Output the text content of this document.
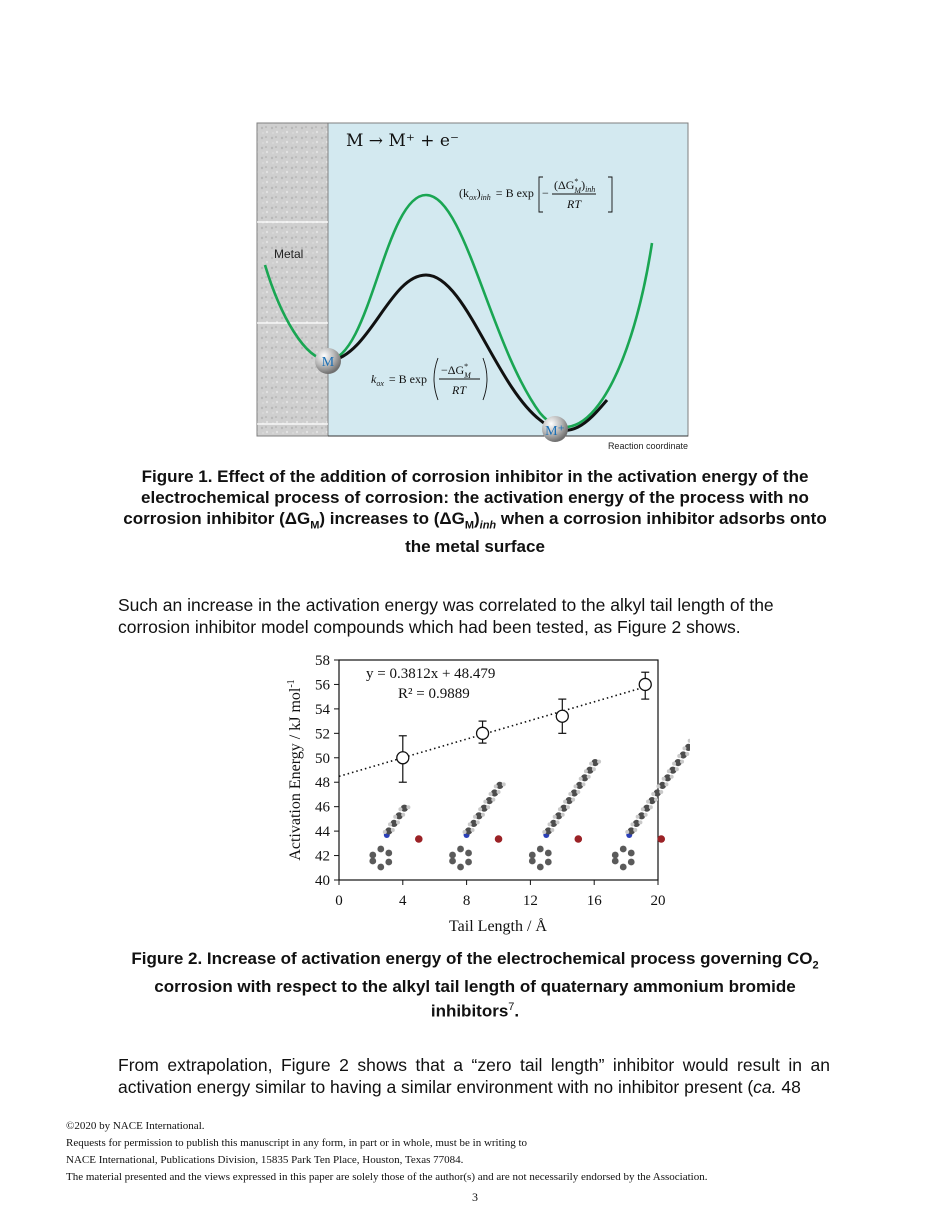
M
M⁺
Metal
Reaction coordinate
M → M⁺ + e⁻
$(k_{ox})_{inh} = B$ exp −
(ΔG* $M)_{inh}$
RT
$k_{ox} = B$ exp
−ΔG* M
RT
Figure 1. Effect of the addition of corrosion inhibitor in the activation energy of the electrochemical process of corrosion: the activation energy of the process with no corrosion inhibitor $(\Delta G_M)$ increases to $(\Delta G_M)_{inh}$ when a corrosion inhibitor adsorbs onto the metal surface
Such an increase in the activation energy was correlated to the alkyl tail length of the corrosion inhibitor model compounds which had been tested, as Figure 2 shows.
40
42
44
46
48
50
52
54
56
58
0	4	8	12	16	20
y = 0.3812x + 48.479
R² = 0.9889
Tail Length / Å
Activation Energy / kJ mol$^{-1}$
Figure 2. Increase of activation energy of the electrochemical process governing $CO_2$ corrosion with respect to the alkyl tail length of quaternary ammonium bromide inhibitors$^7$.
From extrapolation, Figure 2 shows that a “zero tail length” inhibitor would result in an activation energy similar to having a similar environment with no inhibitor present (ca. 48
©2020 by NACE International.
Requests for permission to publish this manuscript in any form, in part or in whole, must be in writing to
NACE International, Publications Division, 15835 Park Ten Place, Houston, Texas 77084.
The material presented and the views expressed in this paper are solely those of the author(s) and are not necessarily endorsed by the Association.
3
